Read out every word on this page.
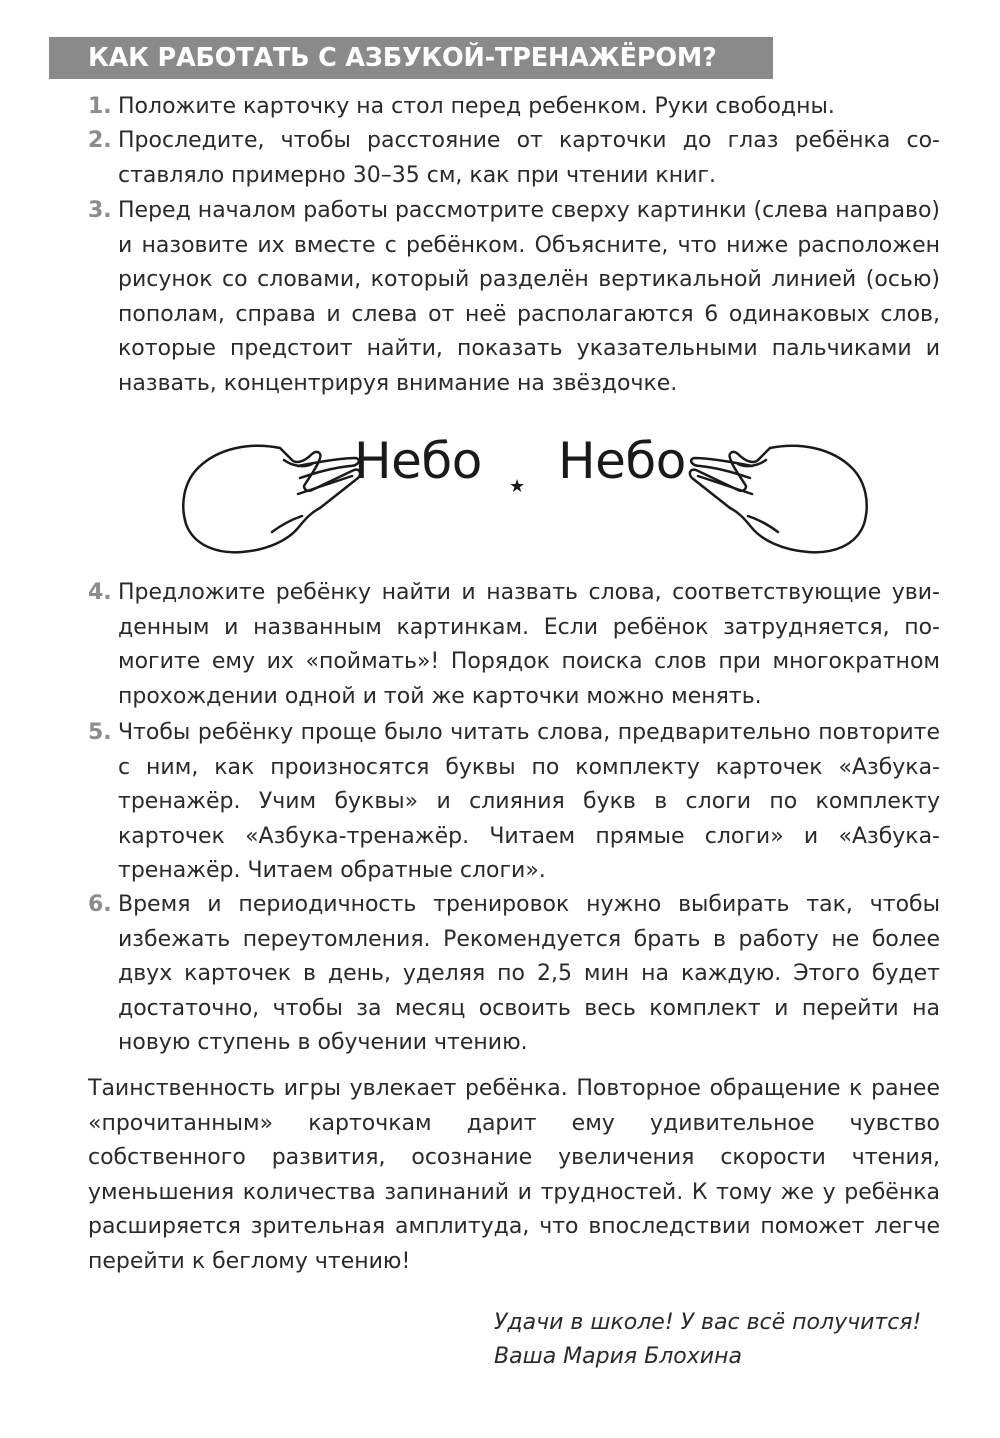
КАК РАБОТАТЬ С АЗБУКОЙ-ТРЕНАЖЁРОМ?
1. Положите карточку на стол перед ребенком. Руки свободны.
2. Проследите, чтобы расстояние от карточки до глаз ребёнка составляло примерно 30–35 см, как при чтении книг.
3. Перед началом работы рассмотрите сверху картинки (слева направо) и назовите их вместе с ребёнком. Объясните, что ниже расположен рисунок со словами, который разделён вертикальной линией (осью) пополам, справа и слева от неё располагаются 6 одинаковых слов, которые предстоит найти, показать указательными пальчиками и назвать, концентрируя внимание на звёздочке.
4. Предложите ребёнку найти и назвать слова, соответствующие увиденным и названным картинкам. Если ребёнок затрудняется, помогите ему их «поймать»! Порядок поиска слов при многократном прохождении одной и той же карточки можно менять.
5. Чтобы ребёнку проще было читать слова, предварительно повторите с ним, как произносятся буквы по комплекту карточек «Азбука-тренажёр. Учим буквы» и слияния букв в слоги по комплекту карточек «Азбука-тренажёр. Читаем прямые слоги» и «Азбука-тренажёр. Читаем обратные слоги».
6. Время и периодичность тренировок нужно выбирать так, чтобы избежать переутомления. Рекомендуется брать в работу не более двух карточек в день, уделяя по 2,5 мин на каждую. Этого будет достаточно, чтобы за месяц освоить весь комплект и перейти на новую ступень в обучении чтению.
Небо ★ Небо
Таинственность игры увлекает ребёнка. Повторное обращение к ранее «прочитанным» карточкам дарит ему удивительное чувство собственного развития, осознание увеличения скорости чтения, уменьшения количества запинаний и трудностей. К тому же у ребёнка расширяется зрительная амплитуда, что впоследствии поможет легче перейти к беглому чтению!
Удачи в школе! У вас всё получится!
Ваша Мария Блохина
